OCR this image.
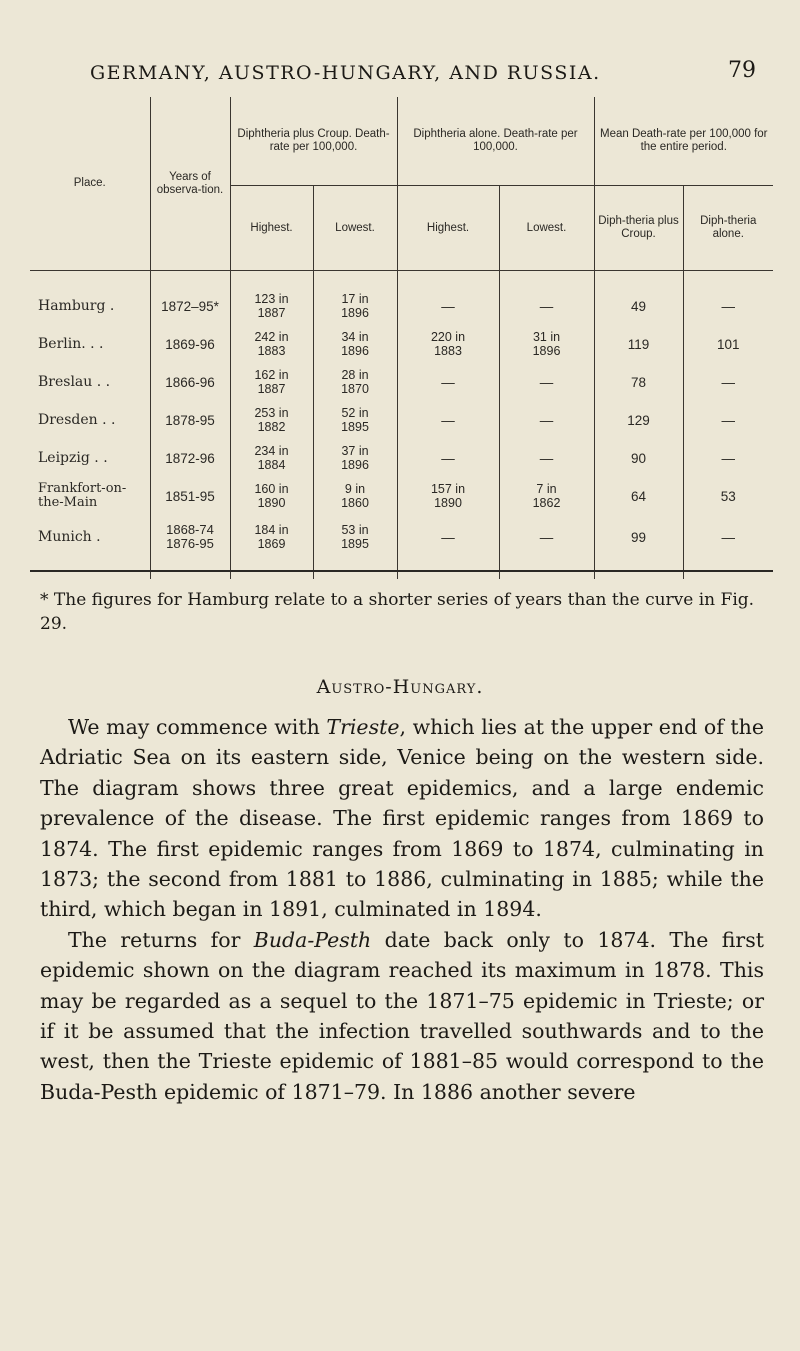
GERMANY, AUSTRO-HUNGARY, AND RUSSIA.	79
Place.	Years of observa-tion.	Diphtheria plus Croup. Death-rate per 100,000.		Diphtheria alone. Death-rate per 100,000.		Mean Death-rate per 100,000 for the entire period.	
		Highest.	Lowest.	Highest.	Lowest.	Diph-theria plus Croup.	Diph-theria alone.
Hamburg .	1872–95*	123 in 1887	17 in 1896	—	—	49	—
Berlin. . .	1869-96	242 in 1883	34 in 1896	220 in 1883	31 in 1896	119	101
Breslau . .	1866-96	162 in 1887	28 in 1870	—	—	78	—
Dresden . .	1878-95	253 in 1882	52 in 1895	—	—	129	—
Leipzig . .	1872-96	234 in 1884	37 in 1896	—	—	90	—
Frankfort-on-the-Main	1851-95	160 in 1890	9 in 1860	157 in 1890	7 in 1862	64	53
Munich .	1868-74 1876-95	184 in 1869	53 in 1895	—	—	99	—
* The figures for Hamburg relate to a shorter series of years than the curve in Fig. 29.
Austro-Hungary.

We may commence with Trieste, which lies at the upper end of the Adriatic Sea on its eastern side, Venice being on the western side. The diagram shows three great epidemics, and a large endemic prevalence of the disease. The first epidemic ranges from 1869 to 1874. The first epidemic ranges from 1869 to 1874, culminating in 1873; the second from 1881 to 1886, culminating in 1885; while the third, which began in 1891, culminated in 1894.

The returns for Buda-Pesth date back only to 1874. The first epidemic shown on the diagram reached its maximum in 1878. This may be regarded as a sequel to the 1871–75 epidemic in Trieste; or if it be assumed that the infection travelled southwards and to the west, then the Trieste epidemic of 1881–85 would correspond to the Buda-Pesth epidemic of 1871–79. In 1886 another severe
